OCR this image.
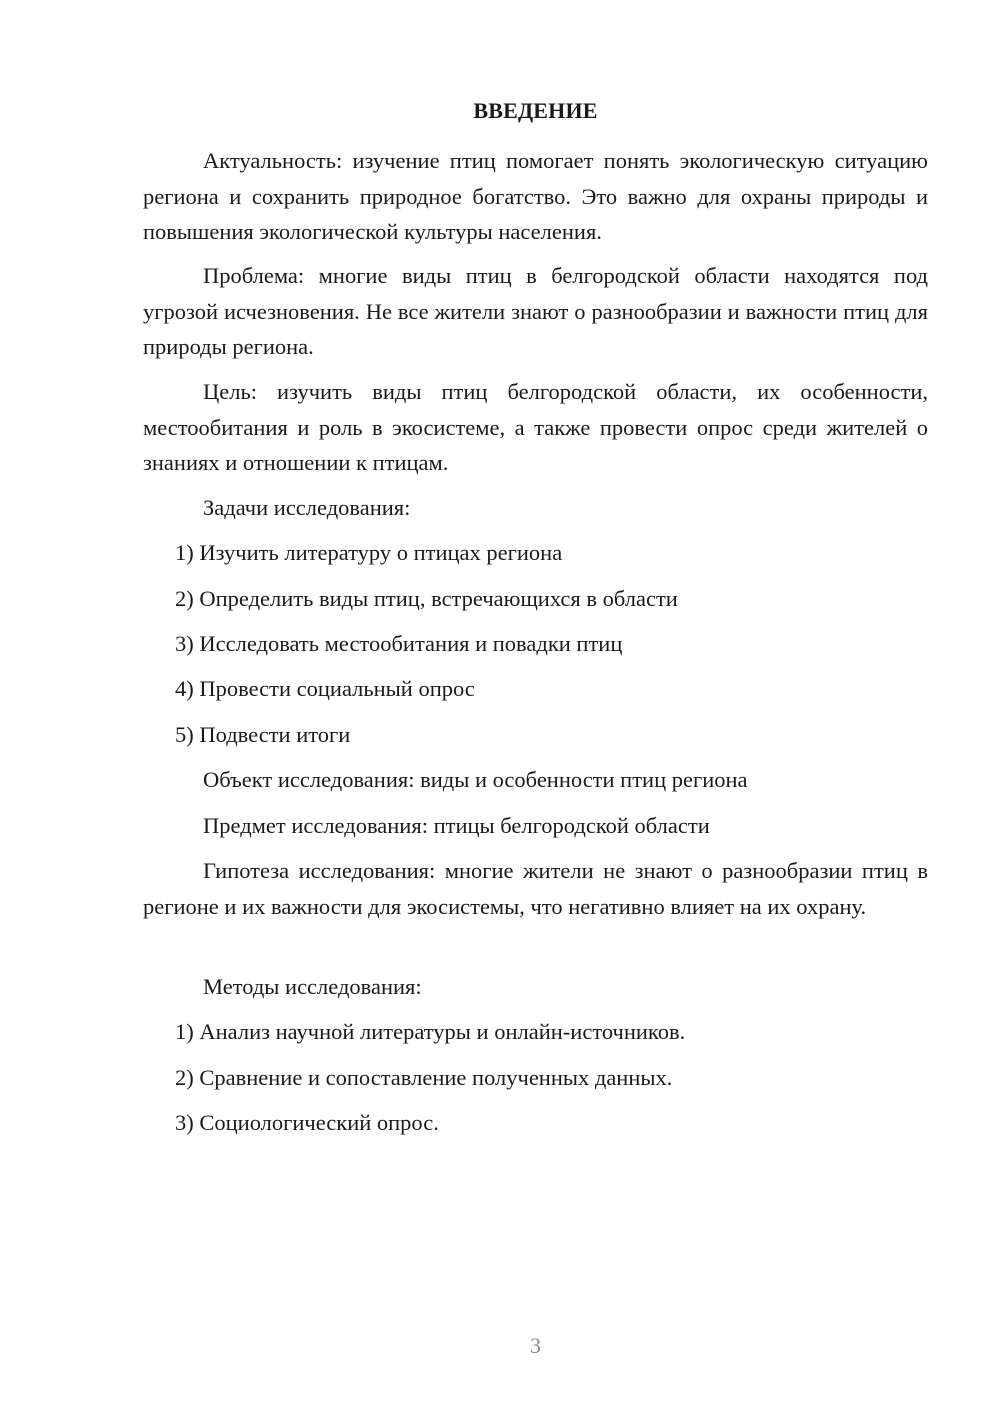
ВВЕДЕНИЕ

Актуальность: изучение птиц помогает понять экологическую ситуацию региона и сохранить природное богатство. Это важно для охраны природы и повышения экологической культуры населения.

Проблема: многие виды птиц в белгородской области находятся под угрозой исчезновения. Не все жители знают о разнообразии и важности птиц для природы региона.

Цель: изучить виды птиц белгородской области, их особенности, местообитания и роль в экосистеме, а также провести опрос среди жителей о знаниях и отношении к птицам.

Задачи исследования:

1) Изучить литературу о птицах региона

2) Определить виды птиц, встречающихся в области

3) Исследовать местообитания и повадки птиц

4) Провести социальный опрос

5) Подвести итоги

Объект исследования: виды и особенности птиц региона

Предмет исследования: птицы белгородской области

Гипотеза исследования: многие жители не знают о разнообразии птиц в регионе и их важности для экосистемы, что негативно влияет на их охрану.

Методы исследования:

1) Анализ научной литературы и онлайн-источников.

2) Сравнение и сопоставление полученных данных.

3) Социологический опрос.

3
